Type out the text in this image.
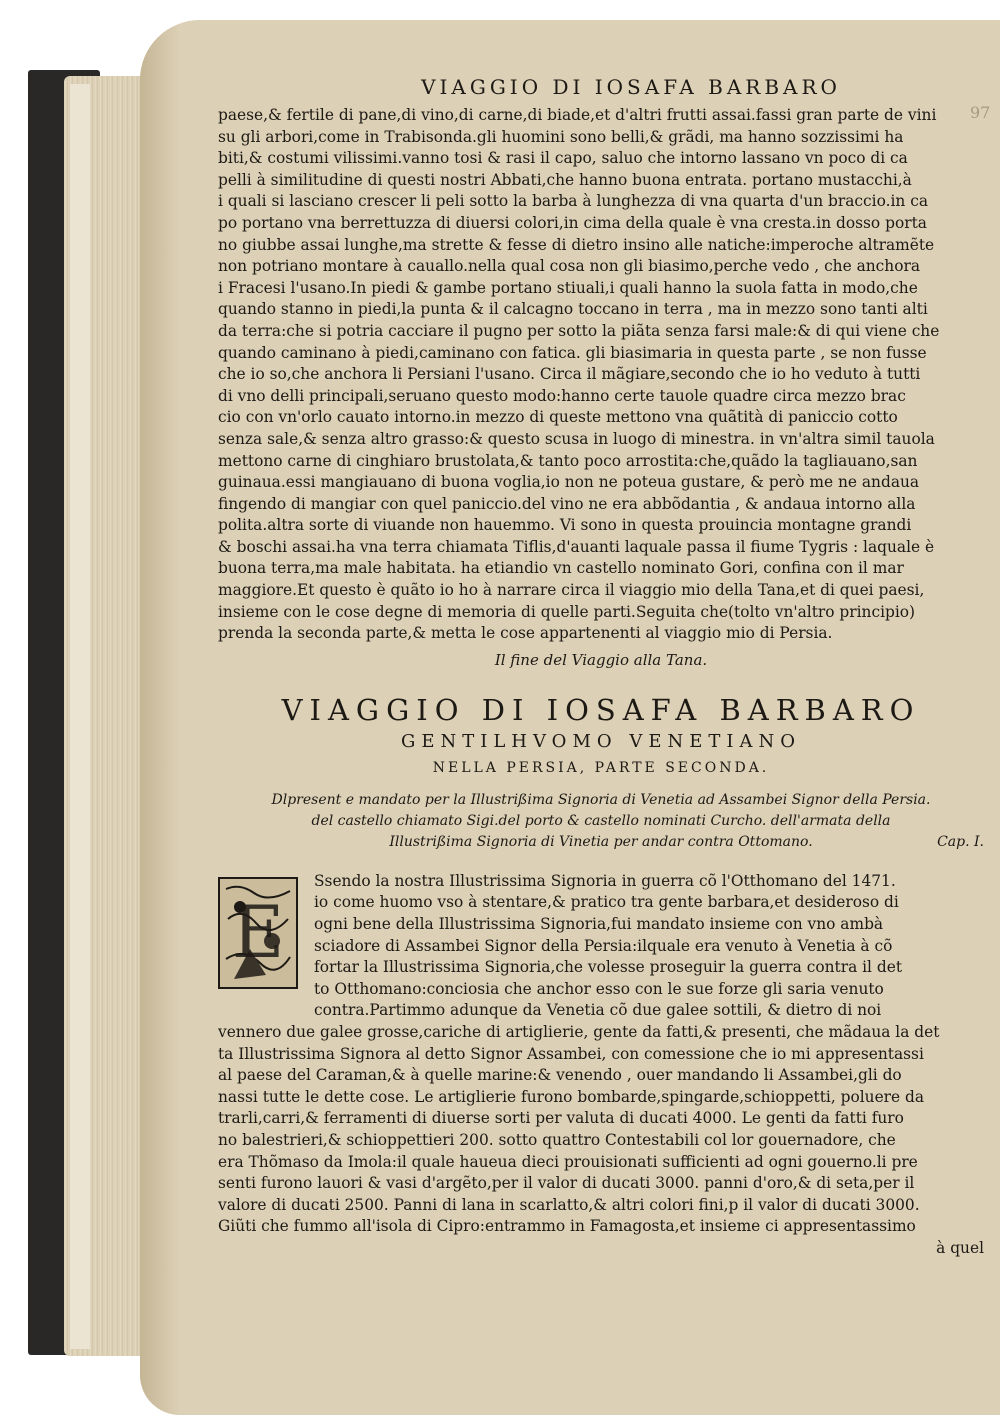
97
VIAGGIO DI IOSAFA BARBARO
paese,& fertile di pane,di vino,di carne,di biade,et d'altri frutti assai.fassi gran parte de vini
su gli arbori,come in Trabisonda.gli huomini sono belli,& grãdi, ma hanno sozzissimi ha
biti,& costumi vilissimi.vanno tosi & rasi il capo, saluo che intorno lassano vn poco di ca
pelli à similitudine di questi nostri Abbati,che hanno buona entrata. portano mustacchi,à
i quali si lasciano crescer li peli sotto la barba à lunghezza di vna quarta d'un braccio.in ca
po portano vna berrettuzza di diuersi colori,in cima della quale è vna cresta.in dosso porta
no giubbe assai lunghe,ma strette & fesse di dietro insino alle natiche:imperoche altramẽte
non potriano montare à cauallo.nella qual cosa non gli biasimo,perche vedo , che anchora
i Fracesi l'usano.In piedi & gambe portano stiuali,i quali hanno la suola fatta in modo,che
quando stanno in piedi,la punta & il calcagno toccano in terra , ma in mezzo sono tanti alti
da terra:che si potria cacciare il pugno per sotto la piãta senza farsi male:& di qui viene che
quando caminano à piedi,caminano con fatica. gli biasimaria in questa parte , se non fusse
che io so,che anchora li Persiani l'usano. Circa il mãgiare,secondo che io ho veduto à tutti
di vno delli principali,seruano questo modo:hanno certe tauole quadre circa mezzo brac
cio con vn'orlo cauato intorno.in mezzo di queste mettono vna quãtità di paniccio cotto
senza sale,& senza altro grasso:& questo scusa in luogo di minestra. in vn'altra simil tauola
mettono carne di cinghiaro brustolata,& tanto poco arrostita:che,quãdo la tagliauano,san
guinaua.essi mangiauano di buona voglia,io non ne poteua gustare, & però me ne andaua
fingendo di mangiar con quel paniccio.del vino ne era abbõdantia , & andaua intorno alla
polita.altra sorte di viuande non hauemmo. Vi sono in questa prouincia montagne grandi
& boschi assai.ha vna terra chiamata Tiflis,d'auanti laquale passa il fiume Tygris : laquale è
buona terra,ma male habitata. ha etiandio vn castello nominato Gori, confina con il mar
maggiore.Et questo è quãto io ho à narrare circa il viaggio mio della Tana,et di quei paesi,
insieme con le cose degne di memoria di quelle parti.Seguita che(tolto vn'altro principio)
prenda la seconda parte,& metta le cose appartenenti al viaggio mio di Persia.
Il fine del Viaggio alla Tana.
VIAGGIO DI IOSAFA BARBARO
GENTILHVOMO VENETIANO
NELLA PERSIA, PARTE SECONDA.
Dlpresent e mandato per la Illustrißima Signoria di Venetia ad Assambei Signor della Persia.
del castello chiamato Sigi.del porto & castello nominati Curcho. dell'armata della
Illustrißima Signoria di Vinetia per andar contra Ottomano.	Cap. I.
E
Ssendo la nostra Illustrissima Signoria in guerra cõ l'Otthomano del 1471.
io come huomo vso à stentare,& pratico tra gente barbara,et desideroso di
ogni bene della Illustrissima Signoria,fui mandato insieme con vno ambà
sciadore di Assambei Signor della Persia:ilquale era venuto à Venetia à cõ
fortar la Illustrissima Signoria,che volesse proseguir la guerra contra il det
to Otthomano:conciosia che anchor esso con le sue forze gli saria venuto
contra.Partimmo adunque da Venetia cõ due galee sottili, & dietro di noi
vennero due galee grosse,cariche di artiglierie, gente da fatti,& presenti, che mãdaua la det
ta Illustrissima Signora al detto Signor Assambei, con comessione che io mi appresentassi
al paese del Caraman,& à quelle marine:& venendo , ouer mandando li Assambei,gli do
nassi tutte le dette cose. Le artiglierie furono bombarde,spingarde,schioppetti, poluere da
trarli,carri,& ferramenti di diuerse sorti per valuta di ducati 4000. Le genti da fatti furo
no balestrieri,& schioppettieri 200. sotto quattro Contestabili col lor gouernadore, che
era Thõmaso da Imola:il quale haueua dieci prouisionati sufficienti ad ogni gouerno.li pre
senti furono lauori & vasi d'argẽto,per il valor di ducati 3000. panni d'oro,& di seta,per il
valore di ducati 2500. Panni di lana in scarlatto,& altri colori fini,p il valor di ducati 3000.
Giũti che fummo all'isola di Cipro:entrammo in Famagosta,et insieme ci appresentassimo
à quel
